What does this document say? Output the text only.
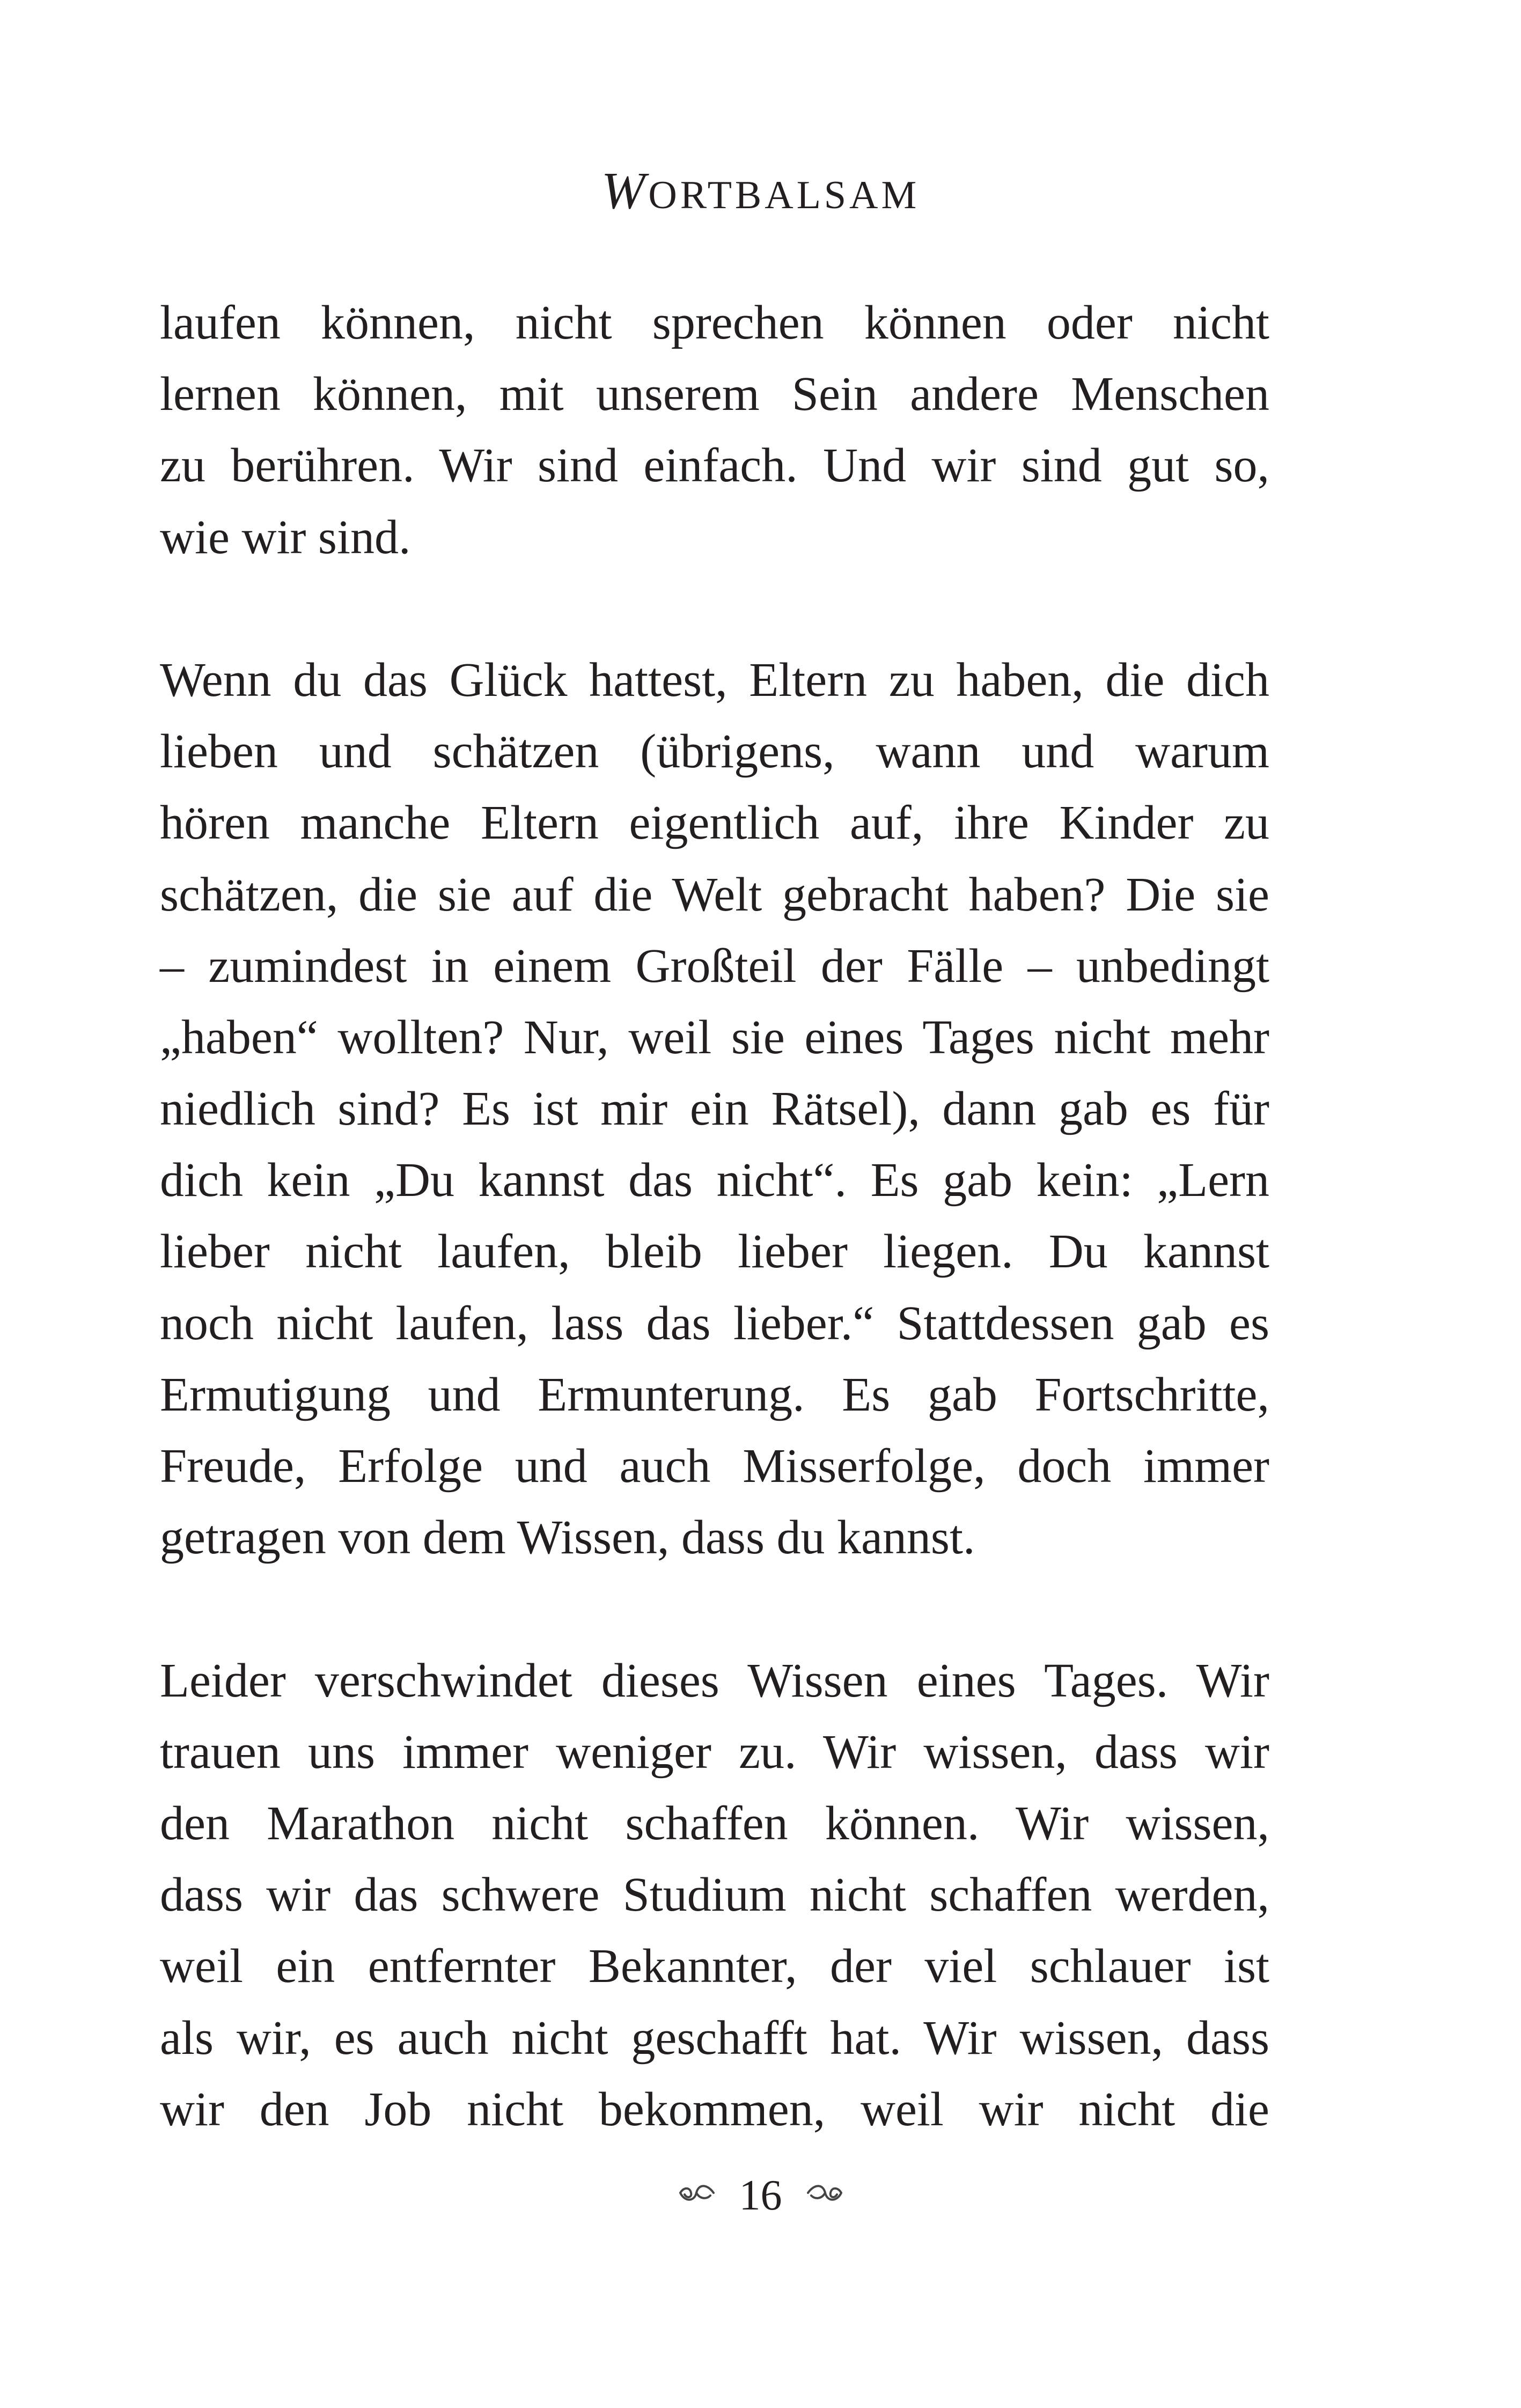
WORTBALSAM

laufen können, nicht sprechen können oder nicht
lernen können, mit unserem Sein andere Menschen
zu berühren. Wir sind einfach. Und wir sind gut so,
wie wir sind.

Wenn du das Glück hattest, Eltern zu haben, die dich
lieben und schätzen (übrigens, wann und warum
hören manche Eltern eigentlich auf, ihre Kinder zu
schätzen, die sie auf die Welt gebracht haben? Die sie
– zumindest in einem Großteil der Fälle – unbedingt
„haben“ wollten? Nur, weil sie eines Tages nicht mehr
niedlich sind? Es ist mir ein Rätsel), dann gab es für
dich kein „Du kannst das nicht“. Es gab kein: „Lern
lieber nicht laufen, bleib lieber liegen. Du kannst
noch nicht laufen, lass das lieber.“ Stattdessen gab es
Ermutigung und Ermunterung. Es gab Fortschritte,
Freude, Erfolge und auch Misserfolge, doch immer
getragen von dem Wissen, dass du kannst.

Leider verschwindet dieses Wissen eines Tages. Wir
trauen uns immer weniger zu. Wir wissen, dass wir
den Marathon nicht schaffen können. Wir wissen,
dass wir das schwere Studium nicht schaffen werden,
weil ein entfernter Bekannter, der viel schlauer ist
als wir, es auch nicht geschafft hat. Wir wissen, dass
wir den Job nicht bekommen, weil wir nicht die

16
